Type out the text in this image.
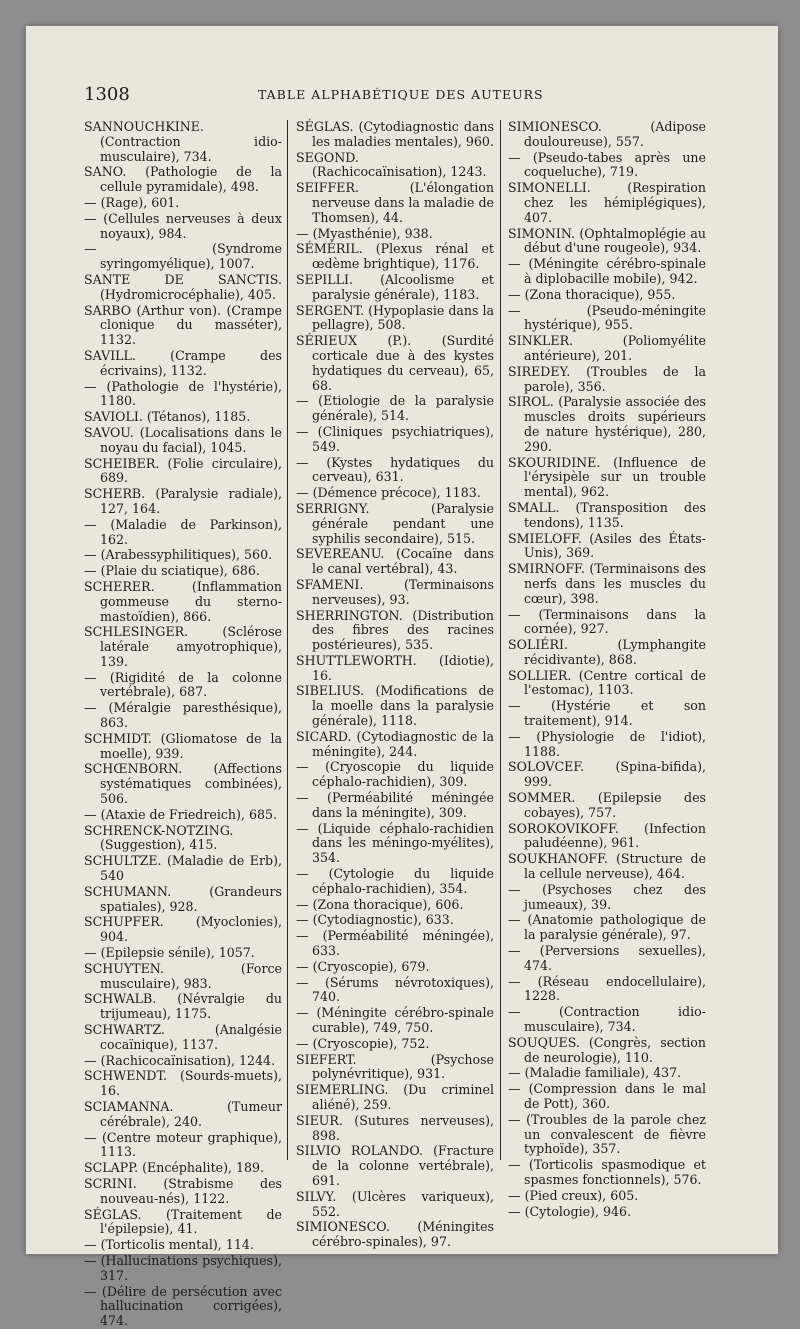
1308	TABLE ALPHABÉTIQUE DES AUTEURS

SANNOUCHKINE. (Contraction idio-musculaire), 734.

SANO. (Pathologie de la cellule pyramidale), 498.

— (Rage), 601.

— (Cellules nerveuses à deux noyaux), 984.

— (Syndrome syringomyélique), 1007.

SANTE DE SANCTIS. (Hydromicrocéphalie), 405.

SARBO (Arthur von). (Crampe clonique du masséter), 1132.

SAVILL. (Crampe des écrivains), 1132.

— (Pathologie de l'hystérie), 1180.

SAVIOLI. (Tétanos), 1185.

SAVOU. (Localisations dans le noyau du facial), 1045.

SCHEIBER. (Folie circulaire), 689.

SCHERB. (Paralysie radiale), 127, 164.

— (Maladie de Parkinson), 162.

— (Arabessyphilitiques), 560.

— (Plaie du sciatique), 686.

SCHERER. (Inflammation gommeuse du sterno-mastoïdien), 866.

SCHLESINGER. (Sclérose latérale amyotrophique), 139.

— (Rigidité de la colonne vertébrale), 687.

— (Méralgie paresthésique), 863.

SCHMIDT. (Gliomatose de la moelle), 939.

SCHŒNBORN. (Affections systématiques combinées), 506.

— (Ataxie de Friedreich), 685.

SCHRENCK-NOTZING. (Suggestion), 415.

SCHULTZE. (Maladie de Erb), 540

SCHUMANN. (Grandeurs spatiales), 928.

SCHUPFER. (Myoclonies), 904.

— (Epilepsie sénile), 1057.

SCHUYTEN. (Force musculaire), 983.

SCHWALB. (Névralgie du trijumeau), 1175.

SCHWARTZ. (Analgésie cocaïnique), 1137.

— (Rachicocaïnisation), 1244.

SCHWENDT. (Sourds-muets), 16.

SCIAMANNA. (Tumeur cérébrale), 240.

— (Centre moteur graphique), 1113.

SCLAPP. (Encéphalite), 189.

SCRINI. (Strabisme des nouveau-nés), 1122.

SÉGLAS. (Traitement de l'épilepsie), 41.

— (Torticolis mental), 114.

— (Hallucinations psychiques), 317.

— (Délire de persécution avec hallucination corrigées), 474.

SÉGLAS. (Cytodiagnostic dans les maladies mentales), 960.

SEGOND. (Rachicocaïnisation), 1243.

SEIFFER. (L'élongation nerveuse dans la maladie de Thomsen), 44.

— (Myasthénie), 938.

SÉMÉRIL. (Plexus rénal et œdème brightique), 1176.

SEPILLI. (Alcoolisme et paralysie générale), 1183.

SERGENT. (Hypoplasie dans la pellagre), 508.

SÉRIEUX (P.). (Surdité corticale due à des kystes hydatiques du cerveau), 65, 68.

— (Etiologie de la paralysie générale), 514.

— (Cliniques psychiatriques), 549.

— (Kystes hydatiques du cerveau), 631.

— (Démence précoce), 1183.

SERRIGNY. (Paralysie générale pendant une syphilis secondaire), 515.

SEVEREANU. (Cocaïne dans le canal vertébral), 43.

SFAMENI. (Terminaisons nerveuses), 93.

SHERRINGTON. (Distribution des fibres des racines postérieures), 535.

SHUTTLEWORTH. (Idiotie), 16.

SIBELIUS. (Modifications de la moelle dans la paralysie générale), 1118.

SICARD. (Cytodiagnostic de la méningite), 244.

— (Cryoscopie du liquide céphalo-rachidien), 309.

— (Perméabilité méningée dans la méningite), 309.

— (Liquide céphalo-rachidien dans les méningo-myélites), 354.

— (Cytologie du liquide céphalo-rachidien), 354.

— (Zona thoracique), 606.

— (Cytodiagnostic), 633.

— (Perméabilité méningée), 633.

— (Cryoscopie), 679.

— (Sérums névrotoxiques), 740.

— (Méningite cérébro-spinale curable), 749, 750.

— (Cryoscopie), 752.

SIEFERT. (Psychose polynévritique), 931.

SIEMERLING. (Du criminel aliéné), 259.

SIEUR. (Sutures nerveuses), 898.

SILVIO ROLANDO. (Fracture de la colonne vertébrale), 691.

SILVY. (Ulcères variqueux), 552.

SIMIONESCO. (Méningites cérébro-spinales), 97.

SIMIONESCO. (Adipose douloureuse), 557.

— (Pseudo-tabes après une coqueluche), 719.

SIMONELLI. (Respiration chez les hémiplégiques), 407.

SIMONIN. (Ophtalmoplégie au début d'une rougeole), 934.

— (Méningite cérébro-spinale à diplobacille mobile), 942.

— (Zona thoracique), 955.

— (Pseudo-méningite hystérique), 955.

SINKLER. (Poliomyélite antérieure), 201.

SIREDEY. (Troubles de la parole), 356.

SIROL. (Paralysie associée des muscles droits supérieurs de nature hystérique), 280, 290.

SKOURIDINE. (Influence de l'érysipèle sur un trouble mental), 962.

SMALL. (Transposition des tendons), 1135.

SMIELOFF. (Asiles des États-Unis), 369.

SMIRNOFF. (Terminaisons des nerfs dans les muscles du cœur), 398.

— (Terminaisons dans la cornée), 927.

SOLIÉRI. (Lymphangite récidivante), 868.

SOLLIER. (Centre cortical de l'estomac), 1103.

— (Hystérie et son traitement), 914.

— (Physiologie de l'idiot), 1188.

SOLOVCEF. (Spina-bifida), 999.

SOMMER. (Epilepsie des cobayes), 757.

SOROKOVIKOFF. (Infection paludéenne), 961.

SOUKHANOFF. (Structure de la cellule nerveuse), 464.

— (Psychoses chez des jumeaux), 39.

— (Anatomie pathologique de la paralysie générale), 97.

— (Perversions sexuelles), 474.

— (Réseau endocellulaire), 1228.

— (Contraction idio-musculaire), 734.

SOUQUES. (Congrès, section de neurologie), 110.

— (Maladie familiale), 437.

— (Compression dans le mal de Pott), 360.

— (Troubles de la parole chez un convalescent de fièvre typhoïde), 357.

— (Torticolis spasmodique et spasmes fonctionnels), 576.

— (Pied creux), 605.

— (Cytologie), 946.
